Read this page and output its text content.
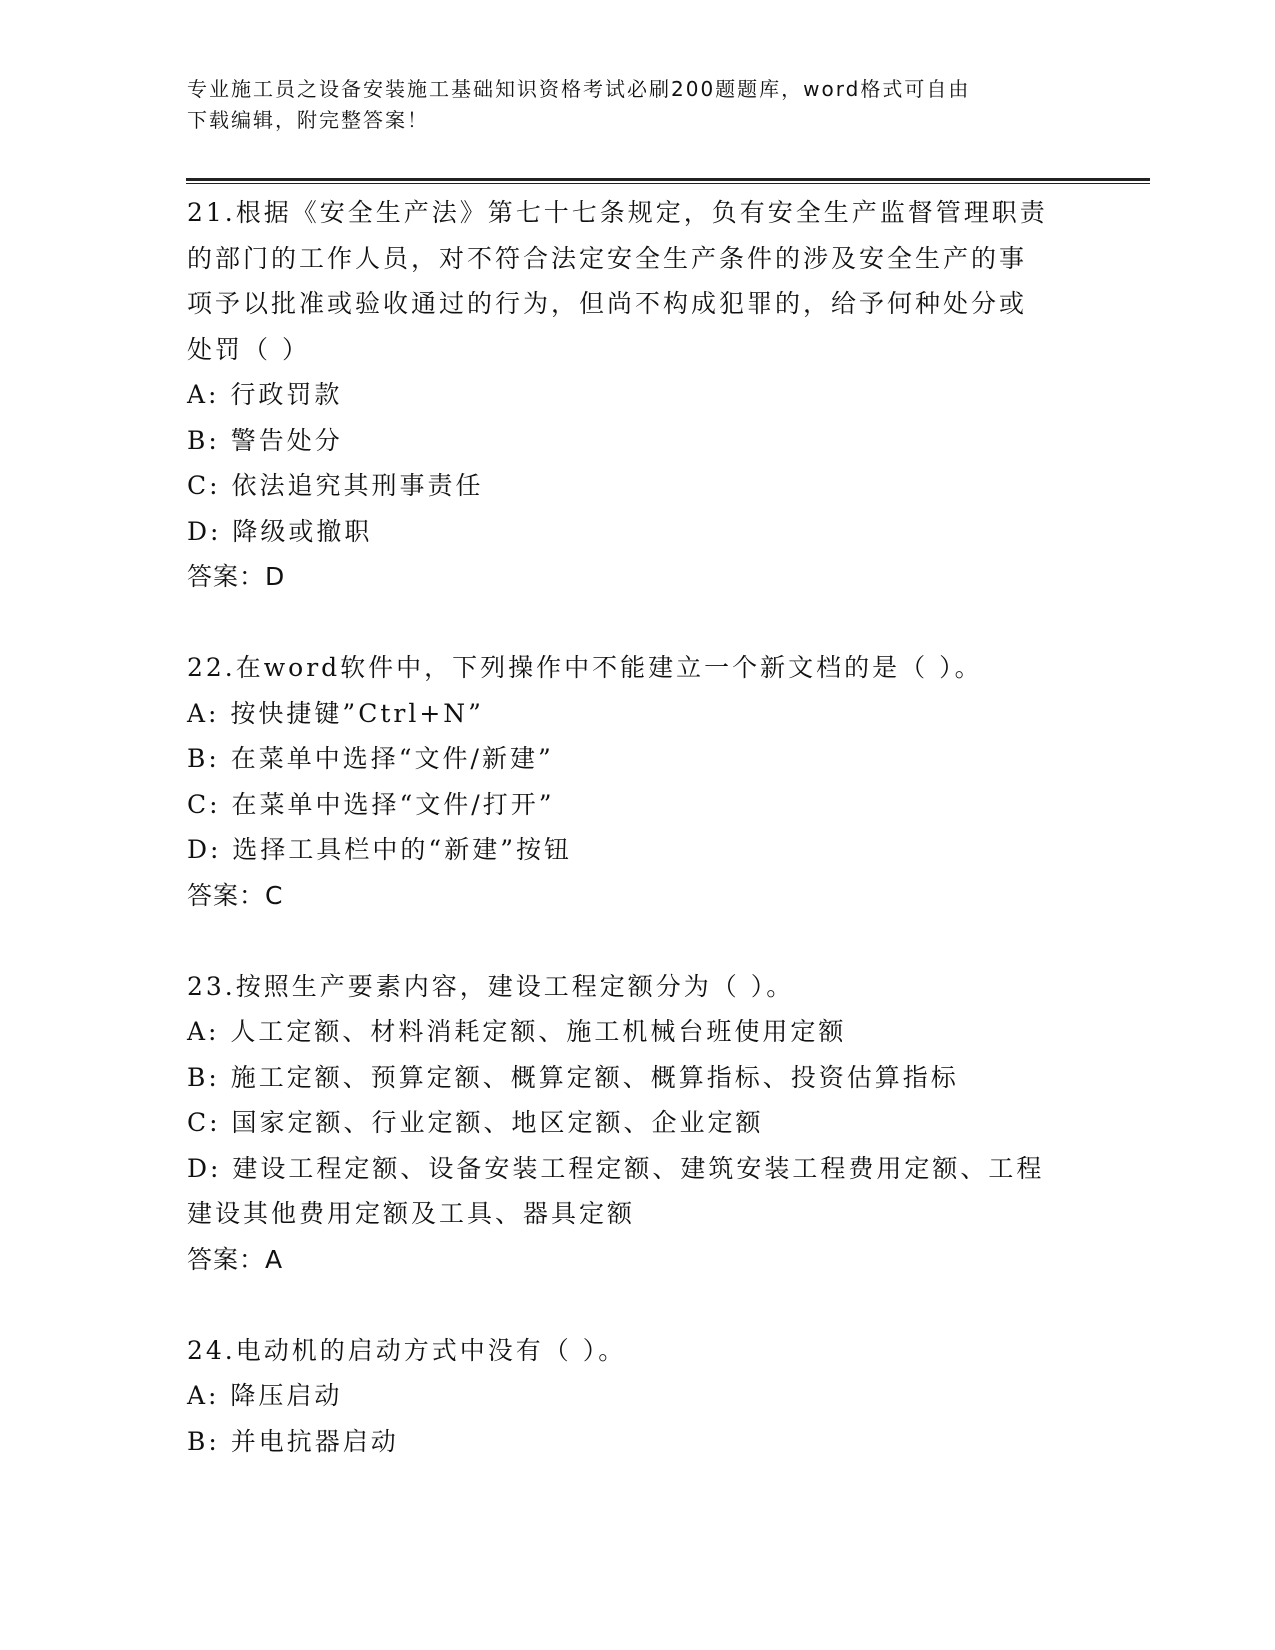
专业施工员之设备安装施工基础知识资格考试必刷200题题库，word格式可自由
下载编辑，附完整答案！
21.根据《安全生产法》第七十七条规定，负有安全生产监督管理职责
的部门的工作人员，对不符合法定安全生产条件的涉及安全生产的事
项予以批准或验收通过的行为，但尚不构成犯罪的，给予何种处分或
处罚（ ）
A: 行政罚款
B: 警告处分
C: 依法追究其刑事责任
D: 降级或撤职
答案：D
22.在word软件中，下列操作中不能建立一个新文档的是（ ）。
A: 按快捷键”Ctrl+N”
B: 在菜单中选择“文件/新建”
C: 在菜单中选择“文件/打开”
D: 选择工具栏中的“新建”按钮
答案：C
23.按照生产要素内容，建设工程定额分为（ ）。
A: 人工定额、材料消耗定额、施工机械台班使用定额
B: 施工定额、预算定额、概算定额、概算指标、投资估算指标
C: 国家定额、行业定额、地区定额、企业定额
D: 建设工程定额、设备安装工程定额、建筑安装工程费用定额、工程
建设其他费用定额及工具、器具定额
答案：A
24.电动机的启动方式中没有（ ）。
A: 降压启动
B: 并电抗器启动
